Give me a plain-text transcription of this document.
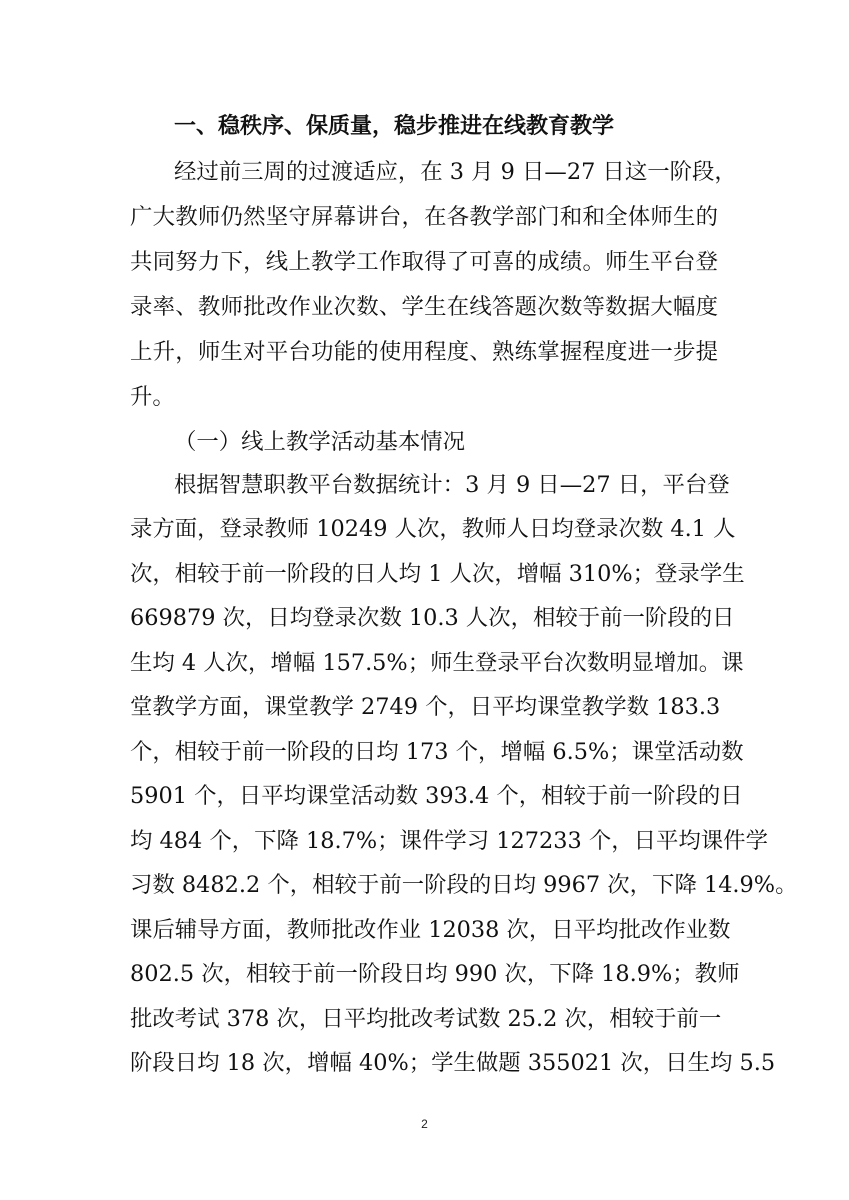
一、稳秩序、保质量，稳步推进在线教育教学
经过前三周的过渡适应，在 3 月 9 日—27 日这一阶段，
广大教师仍然坚守屏幕讲台，在各教学部门和和全体师生的
共同努力下，线上教学工作取得了可喜的成绩。师生平台登
录率、教师批改作业次数、学生在线答题次数等数据大幅度
上升，师生对平台功能的使用程度、熟练掌握程度进一步提
升。
（一）线上教学活动基本情况
根据智慧职教平台数据统计：3 月 9 日—27 日，平台登
录方面，登录教师 10249 人次，教师人日均登录次数 4.1 人
次，相较于前一阶段的日人均 1 人次，增幅 310%；登录学生
669879 次，日均登录次数 10.3 人次，相较于前一阶段的日
生均 4 人次，增幅 157.5%；师生登录平台次数明显增加。课
堂教学方面，课堂教学 2749 个，日平均课堂教学数 183.3
个，相较于前一阶段的日均 173 个，增幅 6.5%；课堂活动数
5901 个，日平均课堂活动数 393.4 个，相较于前一阶段的日
均 484 个，下降 18.7%；课件学习 127233 个，日平均课件学
习数 8482.2 个，相较于前一阶段的日均 9967 次，下降 14.9%。
课后辅导方面，教师批改作业 12038 次，日平均批改作业数
802.5 次，相较于前一阶段日均 990 次，下降 18.9%；教师
批改考试 378 次，日平均批改考试数 25.2 次，相较于前一
阶段日均 18 次，增幅 40%；学生做题 355021 次，日生均 5.5
2
